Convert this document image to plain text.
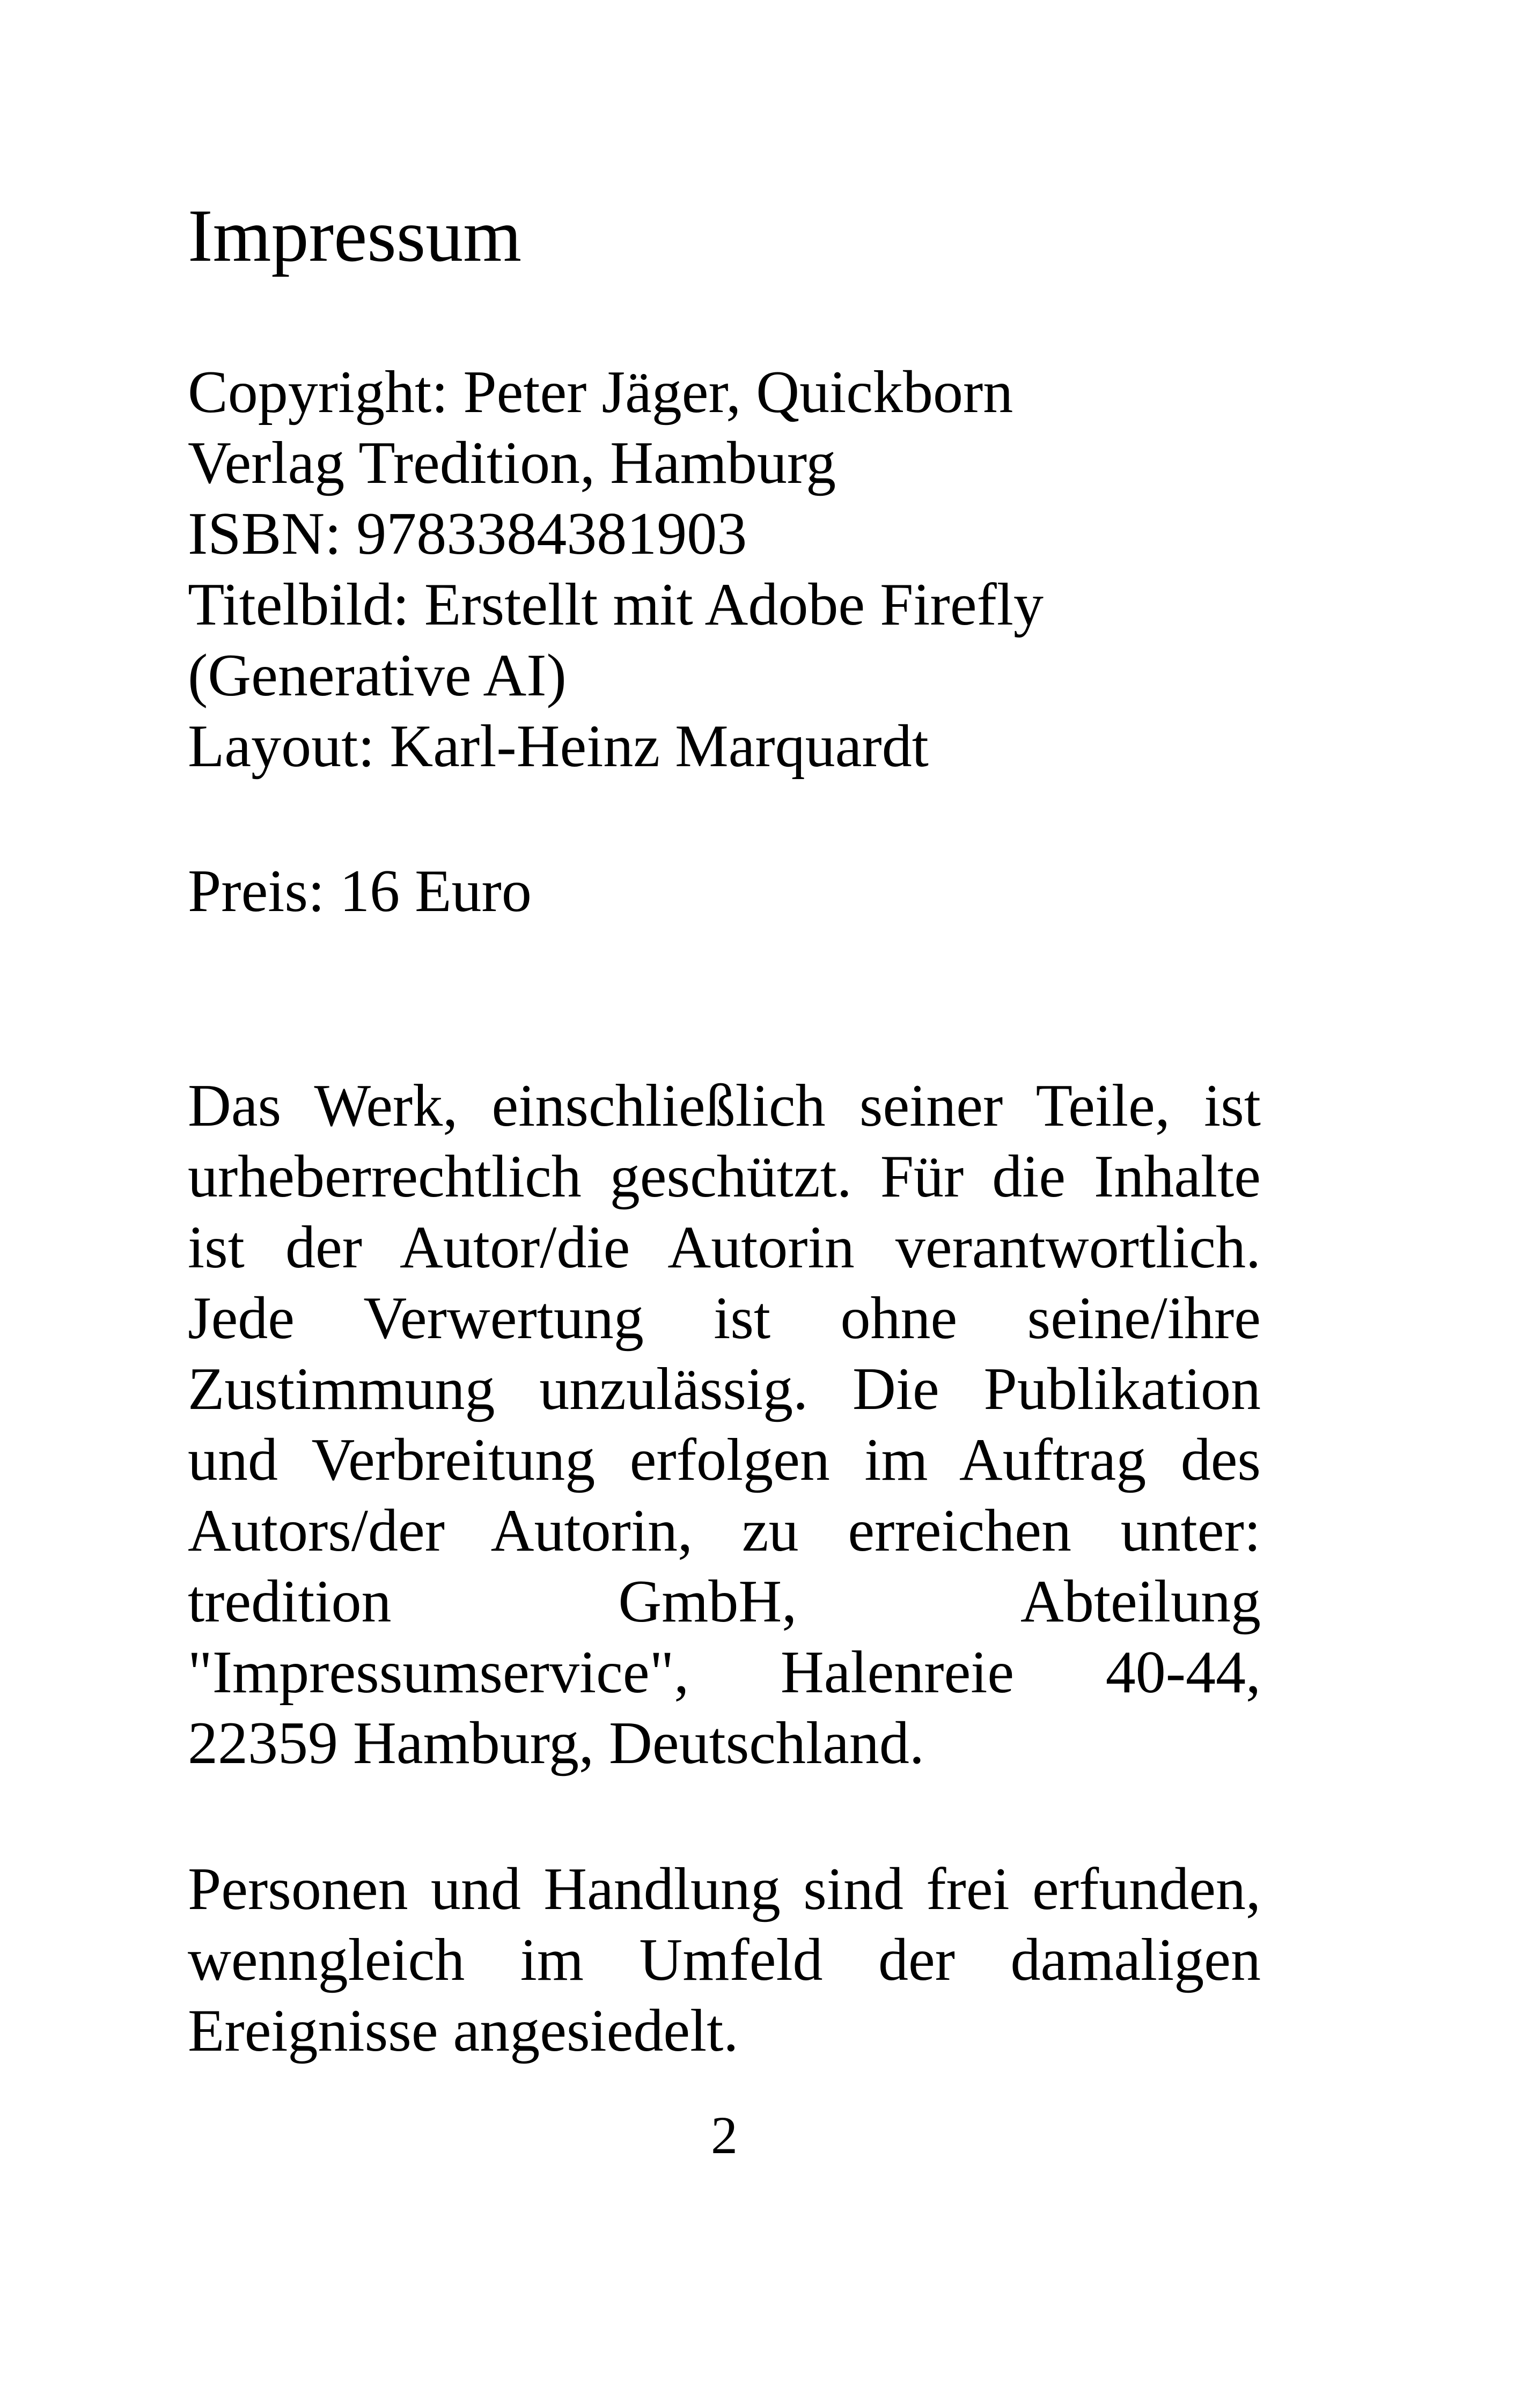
Impressum
Copyright: Peter Jäger, Quickborn
Verlag Tredition, Hamburg
ISBN: 9783384381903
Titelbild: Erstellt mit Adobe Firefly
(Generative AI)
Layout: Karl-Heinz Marquardt
Preis: 16 Euro
Das Werk, einschließlich seiner Teile, ist
urheberrechtlich geschützt. Für die Inhalte
ist der Autor/die Autorin verantwortlich.
Jede Verwertung ist ohne seine/ihre
Zustimmung unzulässig. Die Publikation
und Verbreitung erfolgen im Auftrag des
Autors/der Autorin, zu erreichen unter:
tredition GmbH, Abteilung
"Impressumservice", Halenreie 40-44,
22359 Hamburg, Deutschland.
Personen und Handlung sind frei erfunden,
wenngleich im Umfeld der damaligen
Ereignisse angesiedelt.
2
